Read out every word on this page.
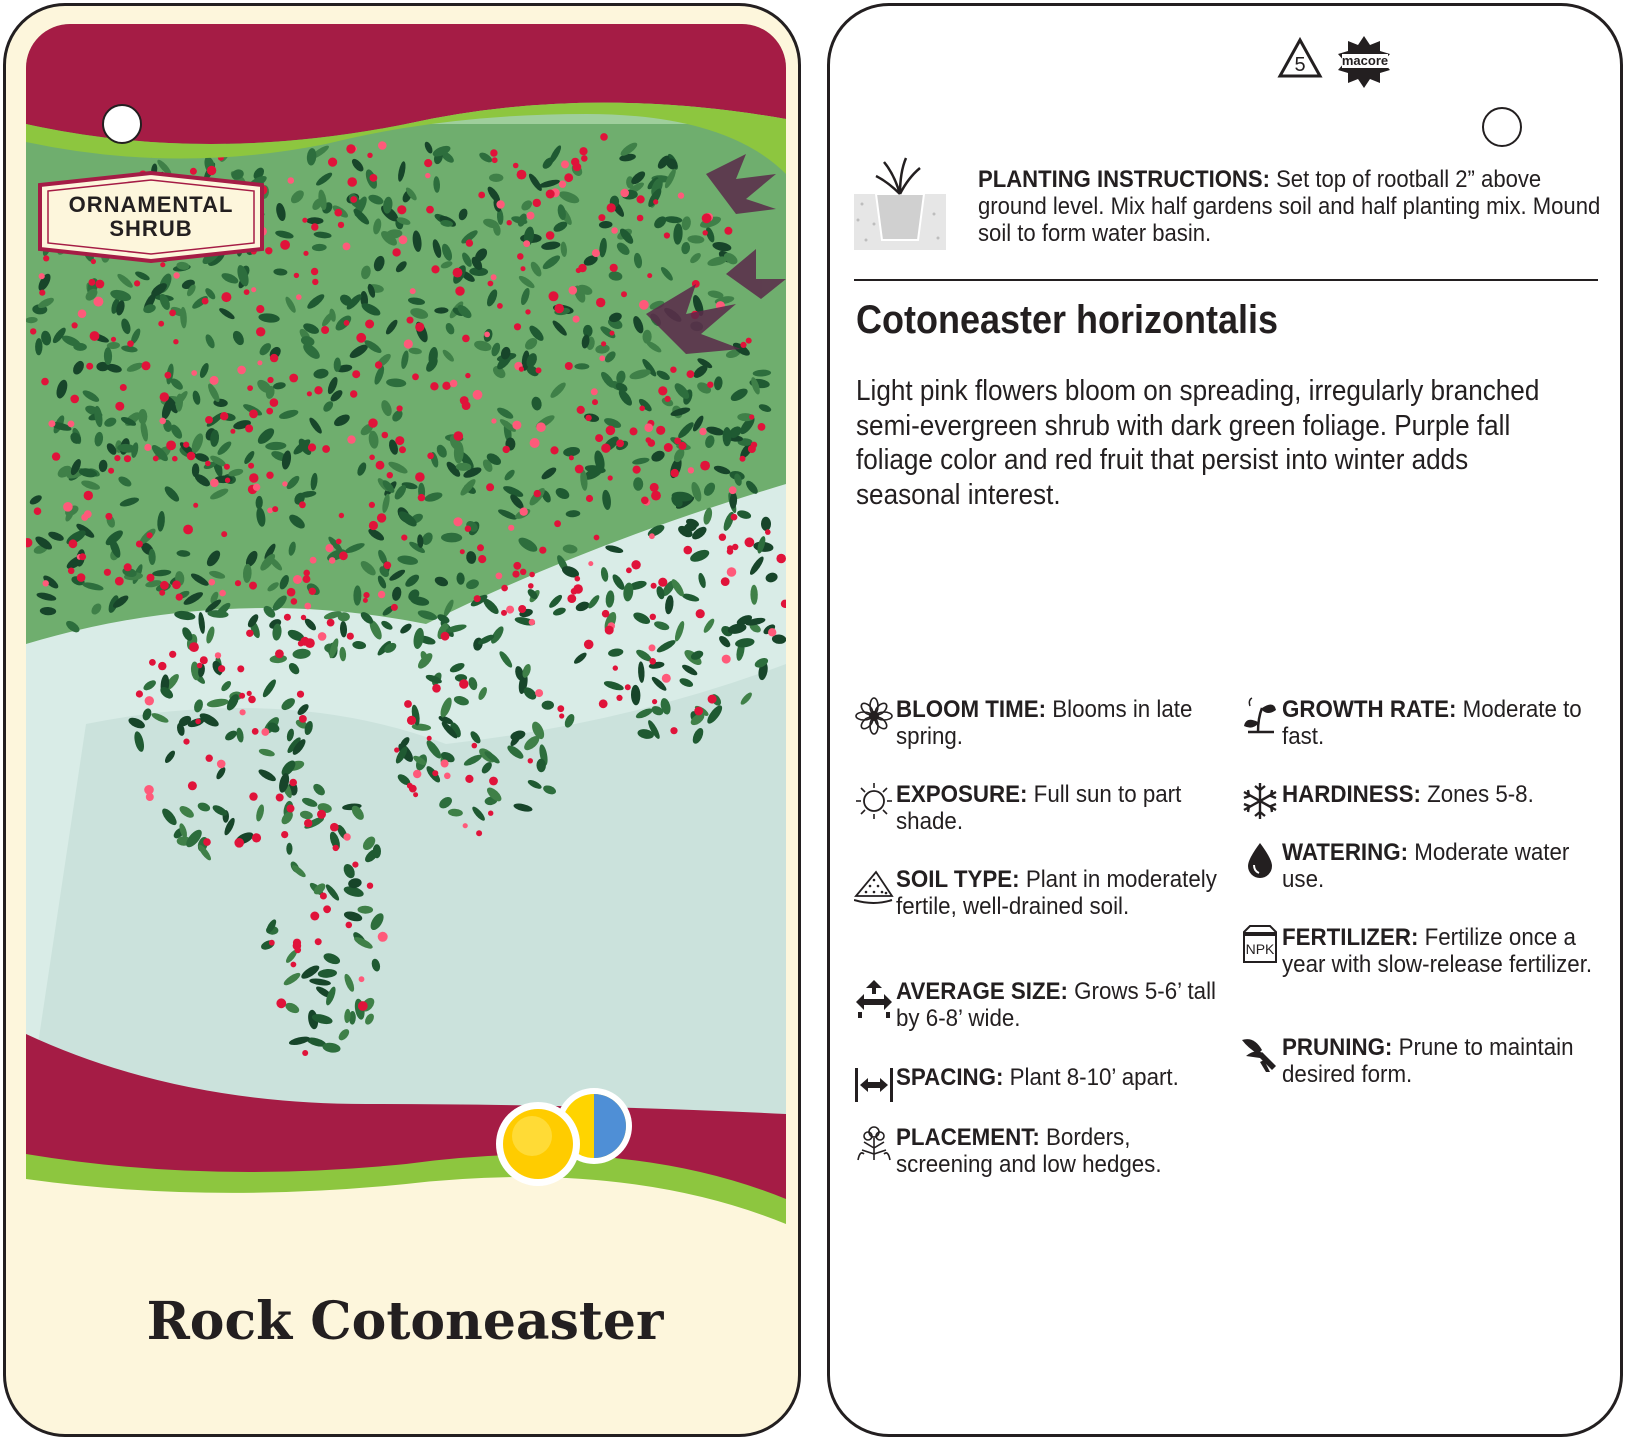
ORNAMENTAL
SHRUB
Rock Cotoneaster
5	macore
PLANTING INSTRUCTIONS: Set top of rootball 2” above ground level. Mix half gardens soil and half planting mix. Mound soil to form water basin.
Cotoneaster horizontalis
Light pink flowers bloom on spreading, irregularly branched semi-evergreen shrub with dark green foliage. Purple fall foliage color and red fruit that persist into winter adds seasonal interest.
BLOOM TIME: Blooms in late spring.
EXPOSURE: Full sun to part shade.
SOIL TYPE: Plant in moderately fertile, well-drained soil.
AVERAGE SIZE: Grows 5-6’ tall by 6-8’ wide.
SPACING: Plant 8-10’ apart.
PLACEMENT: Borders, screening and low hedges.
GROWTH RATE: Moderate to fast.
HARDINESS: Zones 5-8.
WATERING: Moderate water use.
NPK FERTILIZER: Fertilize once a year with slow-release fertilizer.
PRUNING: Prune to maintain desired form.
